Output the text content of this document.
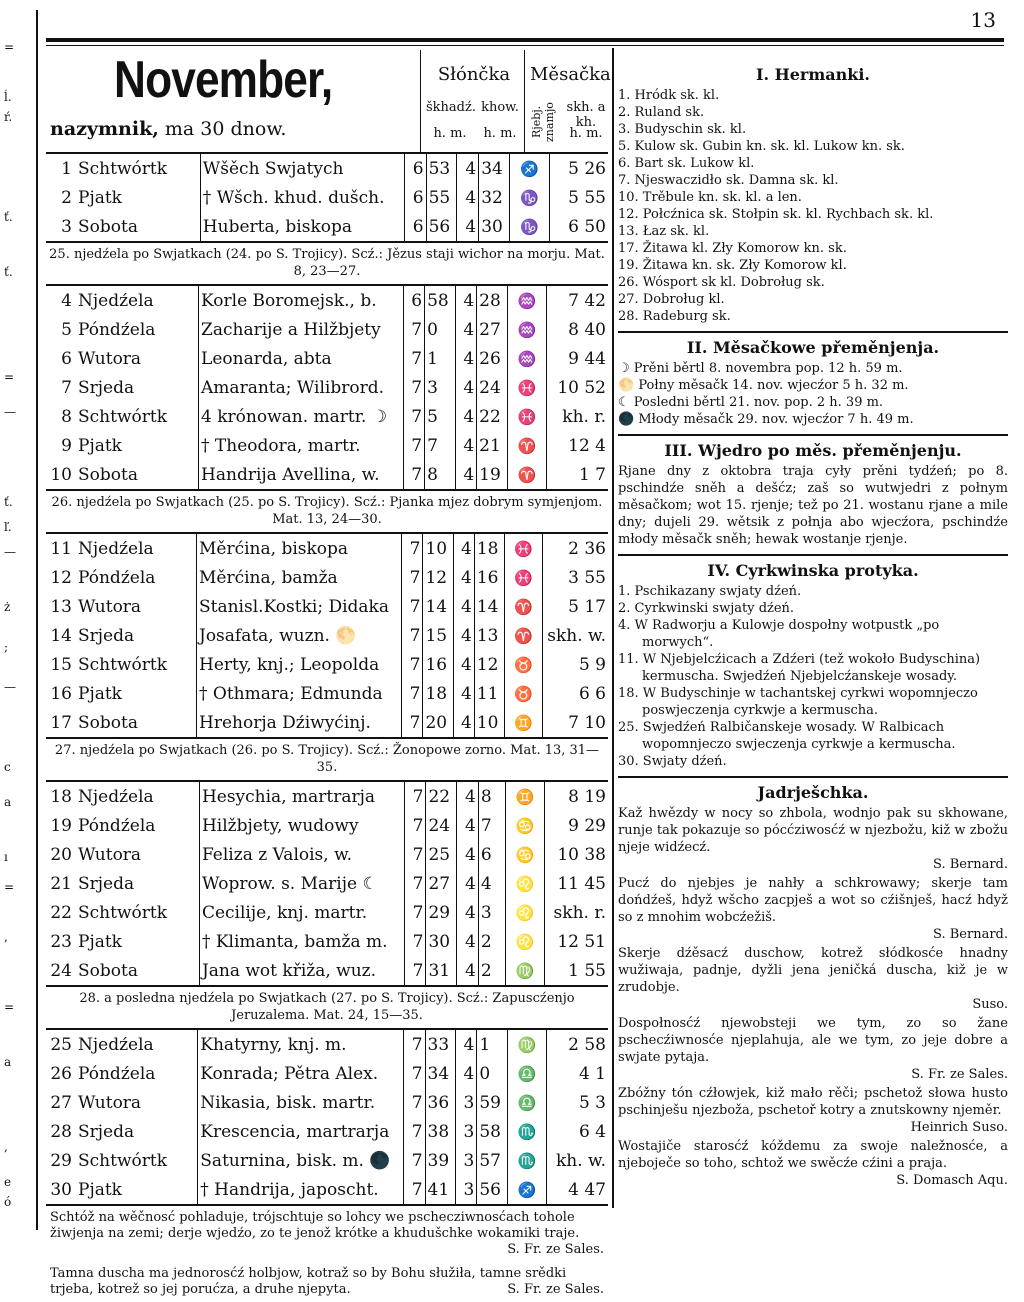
=
ĺ.
ŕ.
ť.
ť.
=
—
ť.
ľ.
—
ż
;
—
c
a
ı
=
,
=
a
,
e
ó
13
November,
nazymnik, ma 30 dnow.
Słónčka
škhadź. khow.
h. m.	h. m.
Měsačka
Rjebj. znamjo skh. a kh.
h. m.
1 Schtwórtk	Wšěch Swjatych	6	53	4	34	♐	5 26
2 Pjatk	† Wšch. khud. dušch.	6	55	4	32	♑	5 55
3 Sobota	Huberta, biskopa	6	56	4	30	♑	6 50
25. njedźela po Swjatkach (24. po S. Trojicy). Scź.: Jězus staji wichor na morju. Mat. 8, 23—27.
4 Njedźela	Korle Boromejsk., b.	6	58	4	28	♒	7 42
5 Póndźela	Zacharije a Hilžbjety	7	0	4	27	♒	8 40
6 Wutora	Leonarda, abta	7	1	4	26	♒	9 44
7 Srjeda	Amaranta; Wilibrord.	7	3	4	24	♓	10 52
8 Schtwórtk	4 krónowan. martr. ☽	7	5	4	22	♓	kh. r.
9 Pjatk	† Theodora, martr.	7	7	4	21	♈	12 4
10 Sobota	Handrija Avellina, w.	7	8	4	19	♈	1 7
26. njedźela po Swjatkach (25. po S. Trojicy). Scź.: Pjanka mjez dobrym symjenjom. Mat. 13, 24—30.
11 Njedźela	Měrćina, biskopa	7	10	4	18	♓	2 36
12 Póndźela	Měrćina, bamža	7	12	4	16	♓	3 55
13 Wutora	Stanisl.Kostki; Didaka	7	14	4	14	♈	5 17
14 Srjeda	Josafata, wuzn. 🌕	7	15	4	13	♈	skh. w.
15 Schtwórtk	Herty, knj.; Leopolda	7	16	4	12	♉	5 9
16 Pjatk	† Othmara; Edmunda	7	18	4	11	♉	6 6
17 Sobota	Hrehorja Dźiwyćinj.	7	20	4	10	♊	7 10
27. njedźela po Swjatkach (26. po S. Trojicy). Scź.: Žonopowe zorno. Mat. 13, 31—35.
18 Njedźela	Hesychia, martrarja	7	22	4	8	♊	8 19
19 Póndźela	Hilžbjety, wudowy	7	24	4	7	♋	9 29
20 Wutora	Feliza z Valois, w.	7	25	4	6	♋	10 38
21 Srjeda	Woprow. s. Marije ☾	7	27	4	4	♌	11 45
22 Schtwórtk	Cecilije, knj. martr.	7	29	4	3	♌	skh. r.
23 Pjatk	† Klimanta, bamža m.	7	30	4	2	♌	12 51
24 Sobota	Jana wot křiža, wuz.	7	31	4	2	♍	1 55
28. a posledna njedźela po Swjatkach (27. po S. Trojicy). Scź.: Zapuscźenjo Jeruzalema. Mat. 24, 15—35.
25 Njedźela	Khatyrny, knj. m.	7	33	4	1	♍	2 58
26 Póndźela	Konrada; Pětra Alex.	7	34	4	0	♎	4 1
27 Wutora	Nikasia, bisk. martr.	7	36	3	59	♎	5 3
28 Srjeda	Krescencia, martrarja	7	38	3	58	♏	6 4
29 Schtwórtk	Saturnina, bisk. m. 🌑	7	39	3	57	♏	kh. w.
30 Pjatk	† Handrija, japoscht.	7	41	3	56	♐	4 47
Schtóž na wěčnosć pohladuje, trójschtuje so lohcy we pschecziwnosćach tohole žiwjenja na zemi; derje wjedźo, zo te jenož krótke a khudušchke wokamiki traje.
S. Fr. ze Sales.
Tamna duscha ma jednorosćź holbjow, kotraž so by Bohu słužiła, tamne srědki trjeba, kotrež so jej porućza, a druhe njepyta.	S. Fr. ze Sales.
I. Hermanki.
1. Hródk sk. kl.
2. Ruland sk.
3. Budyschin sk. kl.
5. Kulow sk. Gubin kn. sk. kl. Lukow kn. sk.
6. Bart sk. Lukow kl.
7. Njeswaczidło sk. Damna sk. kl.
10. Trěbule kn. sk. kl. a len.
12. Połcźnica sk. Stołpin sk. kl. Rychbach sk. kl.
13. Łaz sk. kl.
17. Žitawa kl. Zły Komorow kn. sk.
19. Žitawa kn. sk. Zły Komorow kl.
26. Wósport sk kl. Dobroług sk.
27. Dobroług kl.
28. Radeburg sk.
II. Měsačkowe přeměnjenja.
☽ Prěni běrtl 8. novembra pop. 12 h. 59 m.
🌕 Połny měsačk 14. nov. wjecźor 5 h. 32 m.
☾ Posledni běrtl 21. nov. pop. 2 h. 39 m.
🌑 Młody měsačk 29. nov. wjecźor 7 h. 49 m.
III. Wjedro po měs. přeměnjenju.

Rjane dny z oktobra traja cyły prěni tydźeń; po 8. pschindźe sněh a dešćz; zaš so wutwjedri z połnym měsačkom; wot 15. rjenje; tež po 21. wostanu rjane a mile dny; dujeli 29. wětsik z połnja abo wjecźora, pschindźe młody měsačk sněh; hewak wostanje rjenje.

IV. Cyrkwinska protyka.
1. Pschikazany swjaty dźeń.
2. Cyrkwinski swjaty dźeń.
4. W Radworju a Kulowje dospołny wotpustk „po morwych“.
11. W Njebjelcźicach a Zdźeri (tež wokoło Budyschina) kermuscha. Swjedźeń Njebjelcźanskeje wosady.
18. W Budyschinje w tachantskej cyrkwi wopomnjeczo poswjeczenja cyrkwje a kermuscha.
25. Swjedźeń Ralbičanskeje wosady. W Ralbicach wopomnjeczo swjeczenja cyrkwje a kermuscha.
30. Swjaty dźeń.
Jadrješchka.

Kaž hwězdy w nocy so zhbola, wodnjo pak su skhowane, runje tak pokazuje so pócćziwosćź w njezbožu, kiž w zbožu njeje widźecź.

S. Bernard.

Pucź do njebjes je nahły a schkrowawy; skerje tam dońdźeš, hdyž wšcho zacpješ a wot so cźišnješ, hacź hdyž so z mnohim wobcźežiš.

S. Bernard.

Skerje dźěsacź duschow, kotrež słódkosće hnadny wužiwaja, padnje, dyžli jena jeničká duscha, kiž je w zrudobje.

Suso.

Dospołnosćź njewobsteji we tym, zo so žane pschecźiwnosće njeplahuja, ale we tym, zo jeje dobre a swjate pytaja.

S. Fr. ze Sales.

Zbóžny tón cźłowjek, kiž mało rěči; pschetož słowa husto pschinješu njezboža, pschetoř kotry a znutskowny njeměr.

Heinrich Suso.

Wostajiče starosćź kóždemu za swoje naležnosće, a njeboječe so toho, schtož we swěcźe cźini a praja.

S. Domasch Aqu.
